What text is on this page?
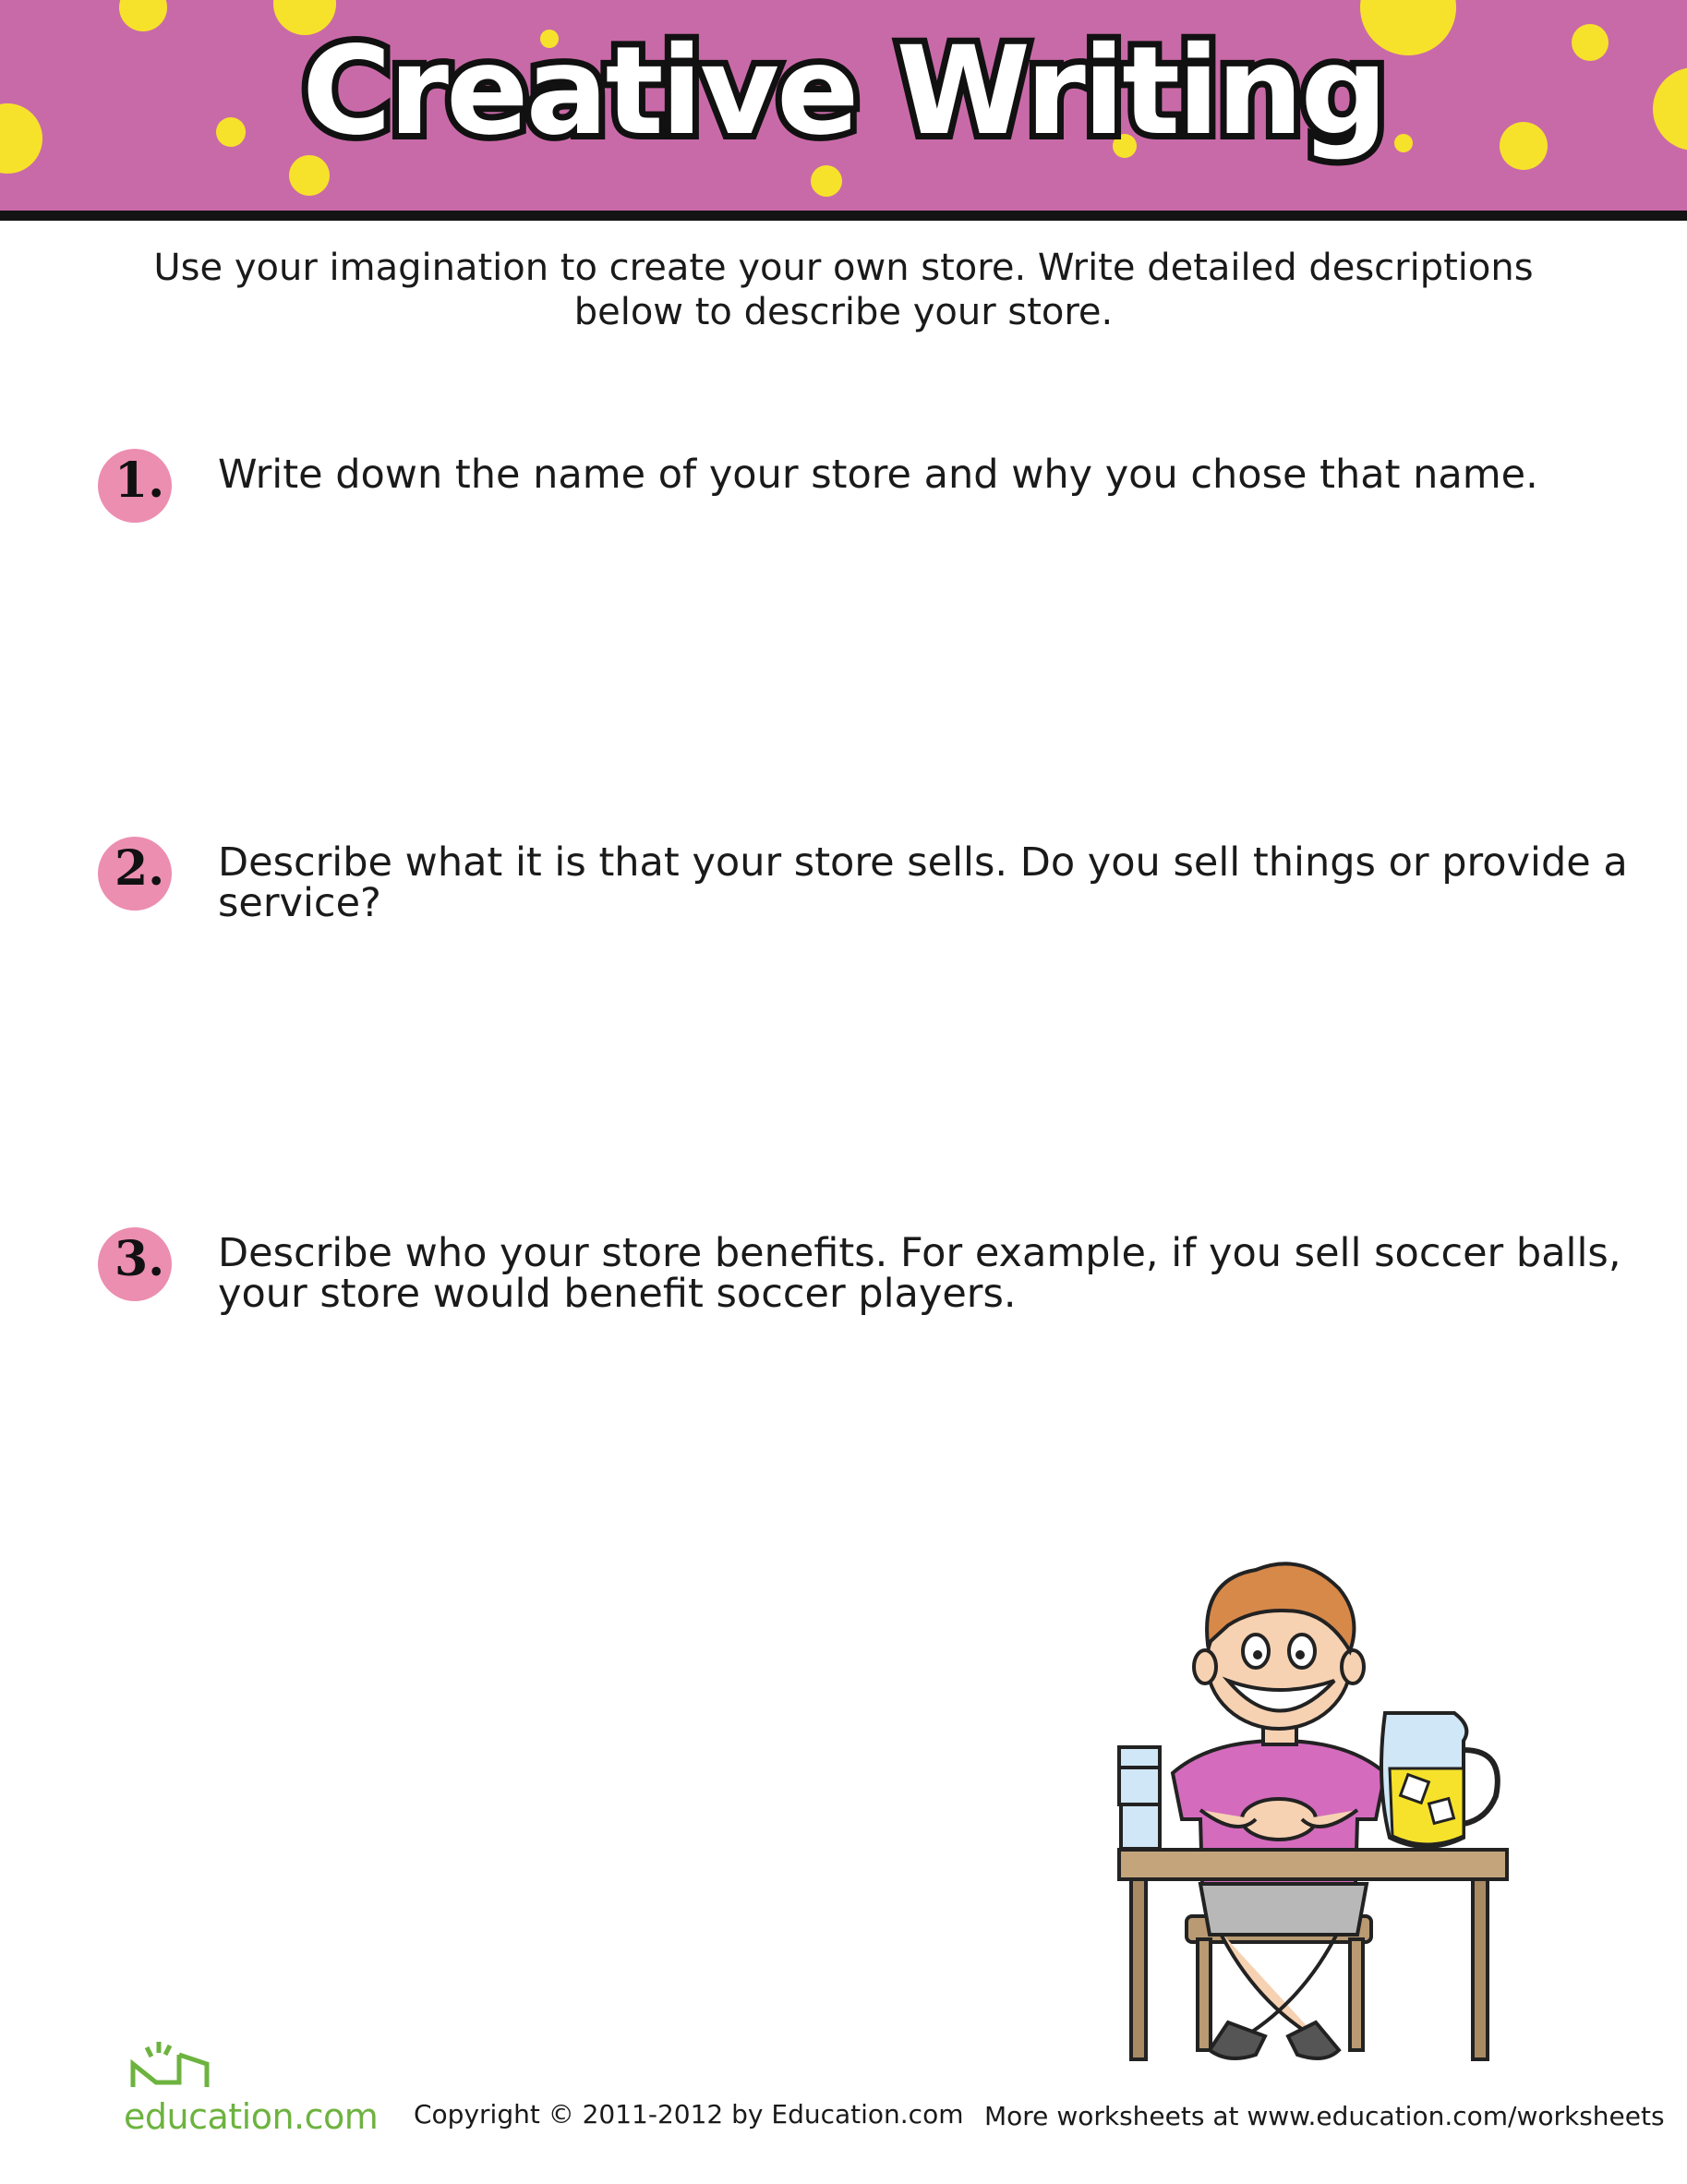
Creative Writing
Use your imagination to create your own store. Write detailed descriptions below to describe your store.
1. Write down the name of your store and why you chose that name.
2. Describe what it is that your store sells. Do you sell things or provide a service?
3. Describe who your store benefits. For example, if you sell soccer balls, your store would benefit soccer players.
education.com Copyright © 2011-2012 by Education.com More worksheets at www.education.com/worksheets
